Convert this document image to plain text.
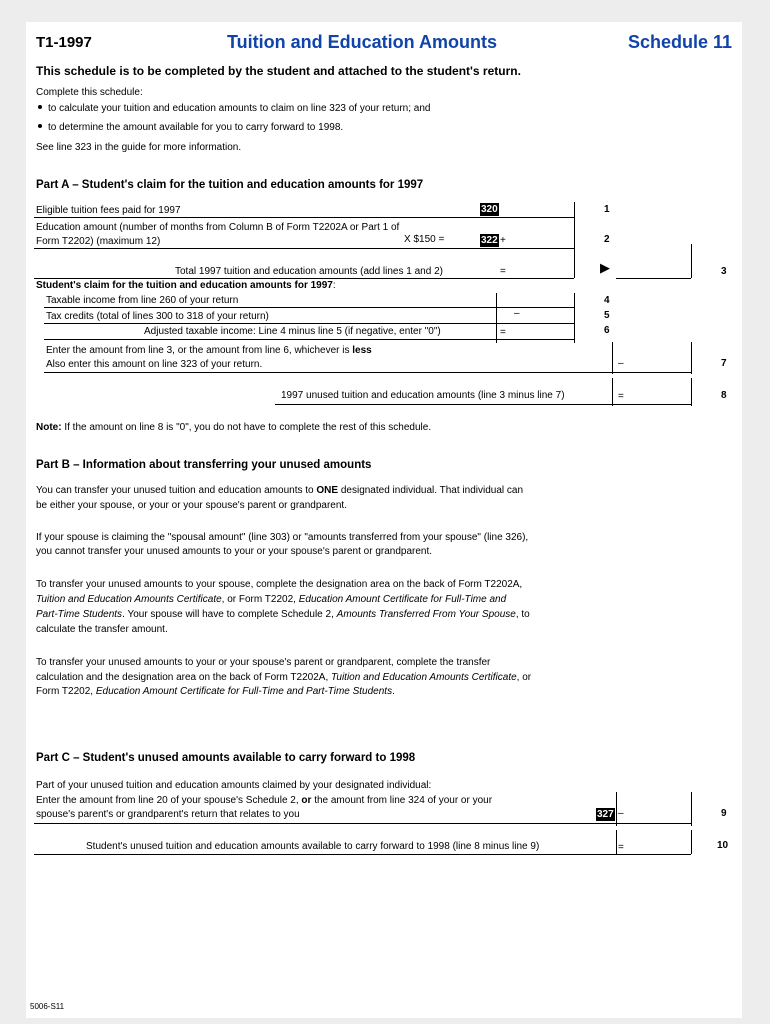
T1-1997	Tuition and Education Amounts	Schedule 11
This schedule is to be completed by the student and attached to the student's return.
Complete this schedule:
to calculate your tuition and education amounts to claim on line 323 of your return; and
to determine the amount available for you to carry forward to 1998.
See line 323 in the guide for more information.
Part A – Student's claim for the tuition and education amounts for 1997
Eligible tuition fees paid for 1997	320	1
Education amount (number of months from Column B of Form T2202A or Part 1 of
Form T2202) (maximum 12)	X $150 =	322 +	2
Total 1997 tuition and education amounts (add lines 1 and 2)	=	▶	3
Student's claim for the tuition and education amounts for 1997:
Taxable income from line 260 of your return	4
Tax credits (total of lines 300 to 318 of your return)	–	5
Adjusted taxable income: Line 4 minus line 5 (if negative, enter "0")	=	6
Enter the amount from line 3, or the amount from line 6, whichever is less
Also enter this amount on line 323 of your return.	–	7
1997 unused tuition and education amounts (line 3 minus line 7)	=	8
Note: If the amount on line 8 is "0", you do not have to complete the rest of this schedule.
Part B – Information about transferring your unused amounts
You can transfer your unused tuition and education amounts to ONE designated individual. That individual can
be either your spouse, or your or your spouse's parent or grandparent.
If your spouse is claiming the "spousal amount" (line 303) or "amounts transferred from your spouse" (line 326),
you cannot transfer your unused amounts to your or your spouse's parent or grandparent.
To transfer your unused amounts to your spouse, complete the designation area on the back of Form T2202A,
Tuition and Education Amounts Certificate, or Form T2202, Education Amount Certificate for Full-Time and
Part-Time Students. Your spouse will have to complete Schedule 2, Amounts Transferred From Your Spouse, to
calculate the transfer amount.
To transfer your unused amounts to your or your spouse's parent or grandparent, complete the transfer
calculation and the designation area on the back of Form T2202A, Tuition and Education Amounts Certificate, or
Form T2202, Education Amount Certificate for Full-Time and Part-Time Students.
Part C – Student's unused amounts available to carry forward to 1998
Part of your unused tuition and education amounts claimed by your designated individual:
Enter the amount from line 20 of your spouse's Schedule 2, or the amount from line 324 of your or your
spouse's parent's or grandparent's return that relates to you	327 –	9
Student's unused tuition and education amounts available to carry forward to 1998 (line 8 minus line 9)	=	10
5006-S11
